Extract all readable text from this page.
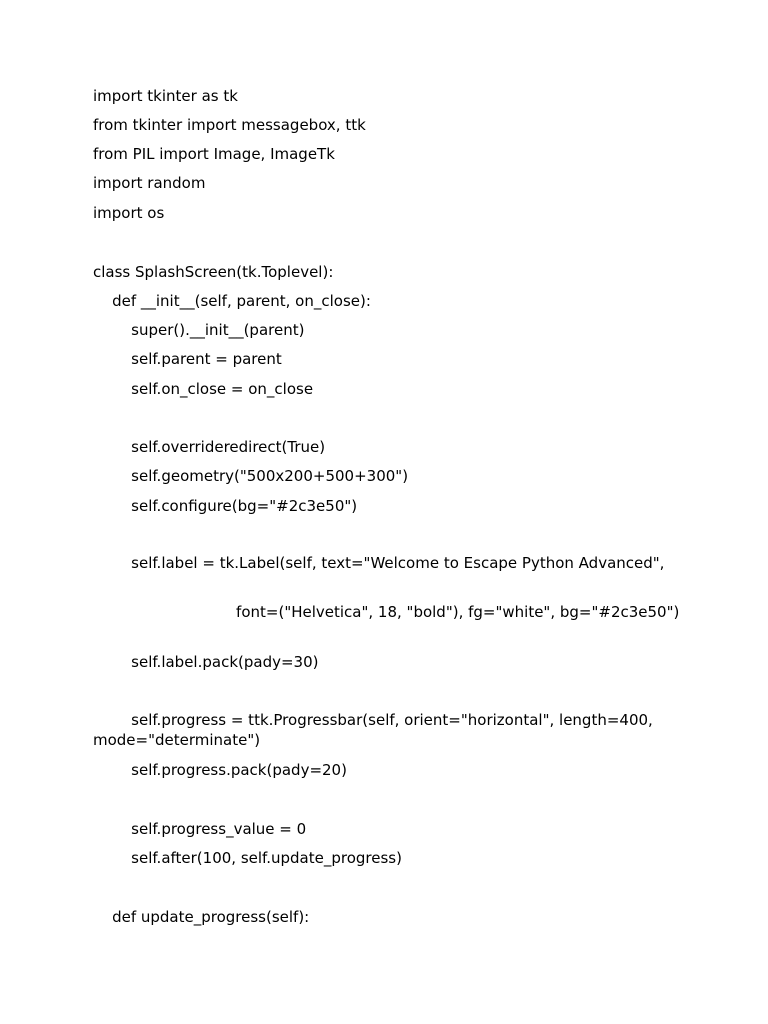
import tkinter as tk
from tkinter import messagebox, ttk
from PIL import Image, ImageTk
import random
import os
class SplashScreen(tk.Toplevel):
def __init__(self, parent, on_close):
super().__init__(parent)
self.parent = parent
self.on_close = on_close
self.overrideredirect(True)
self.geometry("500x200+500+300")
self.configure(bg="#2c3e50")
self.label = tk.Label(self, text="Welcome to Escape Python Advanced",
font=("Helvetica", 18, "bold"), fg="white", bg="#2c3e50")
self.label.pack(pady=30)
self.progress = ttk.Progressbar(self, orient="horizontal", length=400, mode="determinate")
self.progress.pack(pady=20)
self.progress_value = 0
self.after(100, self.update_progress)
def update_progress(self):
